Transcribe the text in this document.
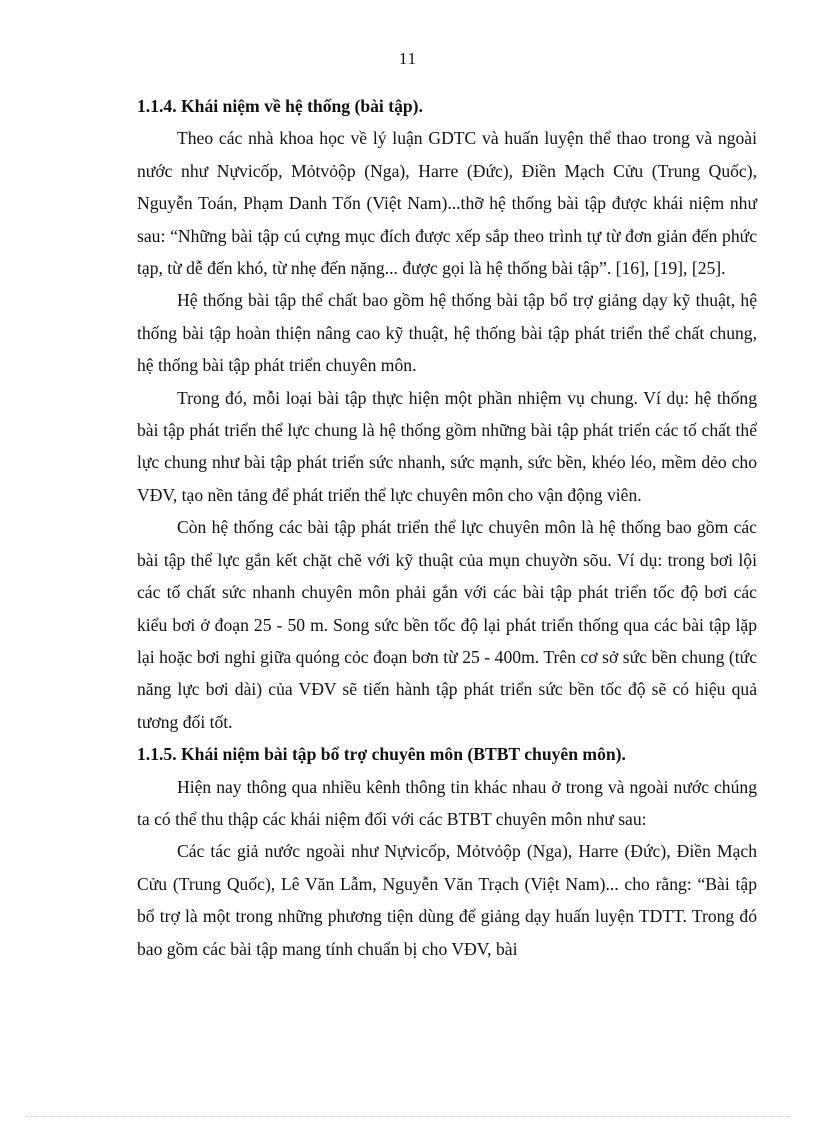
11

1.1.4. Khái niệm về hệ thống (bài tập).

Theo các nhà khoa học về lý luận GDTC và huấn luyện thể thao trong và ngoài nước như Nựvicốp, Mỏtvỏộp (Nga), Harre (Đức), Điền Mạch Cửu (Trung Quốc), Nguyễn Toán, Phạm Danh Tốn (Việt Nam)...thỡ hệ thống bài tập được khái niệm như sau: “Những bài tập cú cựng mục đích được xếp sắp theo trình tự từ đơn giản đến phức tạp, từ dễ đến khó, từ nhẹ đến nặng... được gọi là hệ thống bài tập”. [16], [19], [25].

Hệ thống bài tập thể chất bao gồm hệ thống bài tập bổ trợ giảng dạy kỹ thuật, hệ thống bài tập hoàn thiện nâng cao kỹ thuật, hệ thống bài tập phát triển thể chất chung, hệ thống bài tập phát triển chuyên môn.

Trong đó, mỗi loại bài tập thực hiện một phần nhiệm vụ chung. Ví dụ: hệ thống bài tập phát triển thể lực chung là hệ thống gồm những bài tập phát triển các tố chất thể lực chung như bài tập phát triển sức nhanh, sức mạnh, sức bền, khéo léo, mềm dẻo cho VĐV, tạo nền tảng để phát triển thể lực chuyên môn cho vận động viên.

Còn hệ thống các bài tập phát triển thể lực chuyên môn là hệ thống bao gồm các bài tập thể lực gắn kết chặt chẽ với kỹ thuật của mụn chuyờn sõu. Ví dụ: trong bơi lội các tố chất sức nhanh chuyên môn phải gắn với các bài tập phát triển tốc độ bơi các kiểu bơi ở đoạn 25 - 50 m. Song sức bền tốc độ lại phát triển thống qua các bài tập lặp lại hoặc bơi nghỉ giữa quóng cỏc đoạn bơn từ 25 - 400m. Trên cơ sở sức bền chung (tức năng lực bơi dài) của VĐV sẽ tiến hành tập phát triển sức bền tốc độ sẽ có hiệu quả tương đối tốt.

1.1.5. Khái niệm bài tập bổ trợ chuyên môn (BTBT chuyên môn).

Hiện nay thông qua nhiều kênh thông tin khác nhau ở trong và ngoài nước chúng ta có thể thu thập các khái niệm đối với các BTBT chuyên môn như sau:

Các tác giả nước ngoài như Nựvicốp, Mỏtvỏộp (Nga), Harre (Đức), Điền Mạch Cửu (Trung Quốc), Lê Văn Lẫm, Nguyễn Văn Trạch (Việt Nam)... cho rằng: “Bài tập bổ trợ là một trong những phương tiện dùng để giảng dạy huấn luyện TDTT. Trong đó bao gồm các bài tập mang tính chuẩn bị cho VĐV, bài
